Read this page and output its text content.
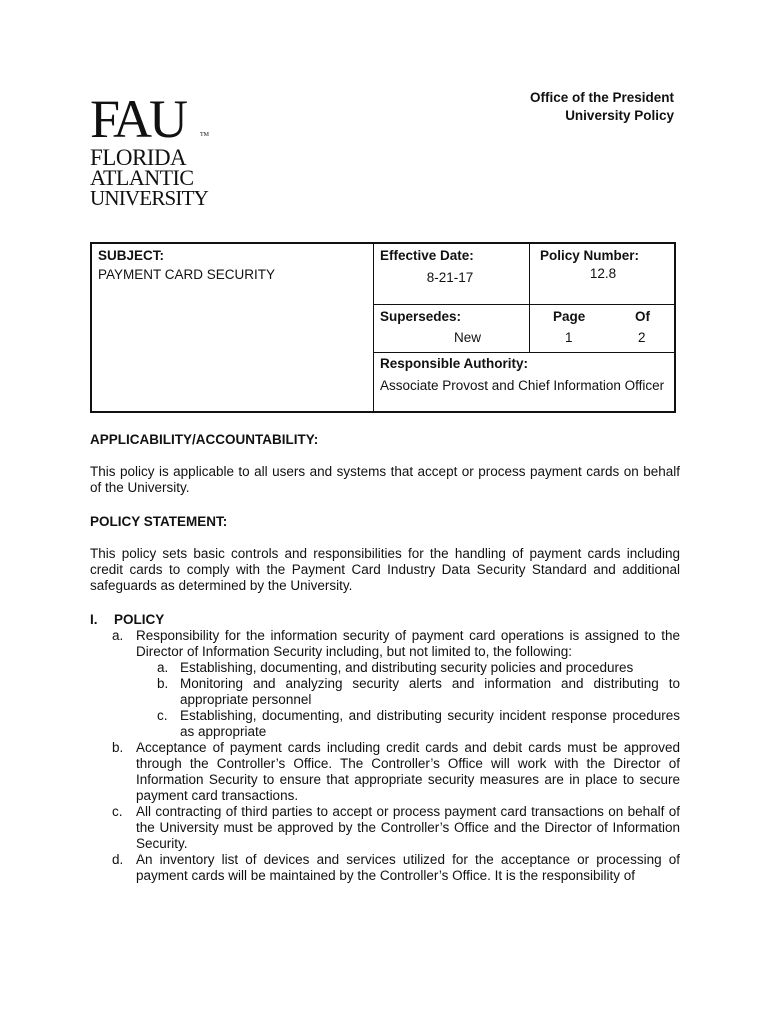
FAU TM
FLORIDA
ATLANTIC
UNIVERSITY
Office of the President
University Policy
SUBJECT:
PAYMENT CARD SECURITY
Effective Date:
8-21-17
Policy Number:
12.8
Supersedes:
New
Page
1
Of
2
Responsible Authority:
Associate Provost and Chief Information Officer

APPLICABILITY/ACCOUNTABILITY:

This policy is applicable to all users and systems that accept or process payment cards on behalf of the University.

POLICY STATEMENT:

This policy sets basic controls and responsibilities for the handling of payment cards including credit cards to comply with the Payment Card Industry Data Security Standard and additional safeguards as determined by the University.

I. POLICY

a. Responsibility for the information security of payment card operations is assigned to the Director of Information Security including, but not limited to, the following:
a. Establishing, documenting, and distributing security policies and procedures
b. Monitoring and analyzing security alerts and information and distributing to appropriate personnel
c. Establishing, documenting, and distributing security incident response procedures as appropriate
b. Acceptance of payment cards including credit cards and debit cards must be approved through the Controller’s Office. The Controller’s Office will work with the Director of Information Security to ensure that appropriate security measures are in place to secure payment card transactions.
c. All contracting of third parties to accept or process payment card transactions on behalf of the University must be approved by the Controller’s Office and the Director of Information Security.
d. An inventory list of devices and services utilized for the acceptance or processing of payment cards will be maintained by the Controller’s Office. It is the responsibility of
